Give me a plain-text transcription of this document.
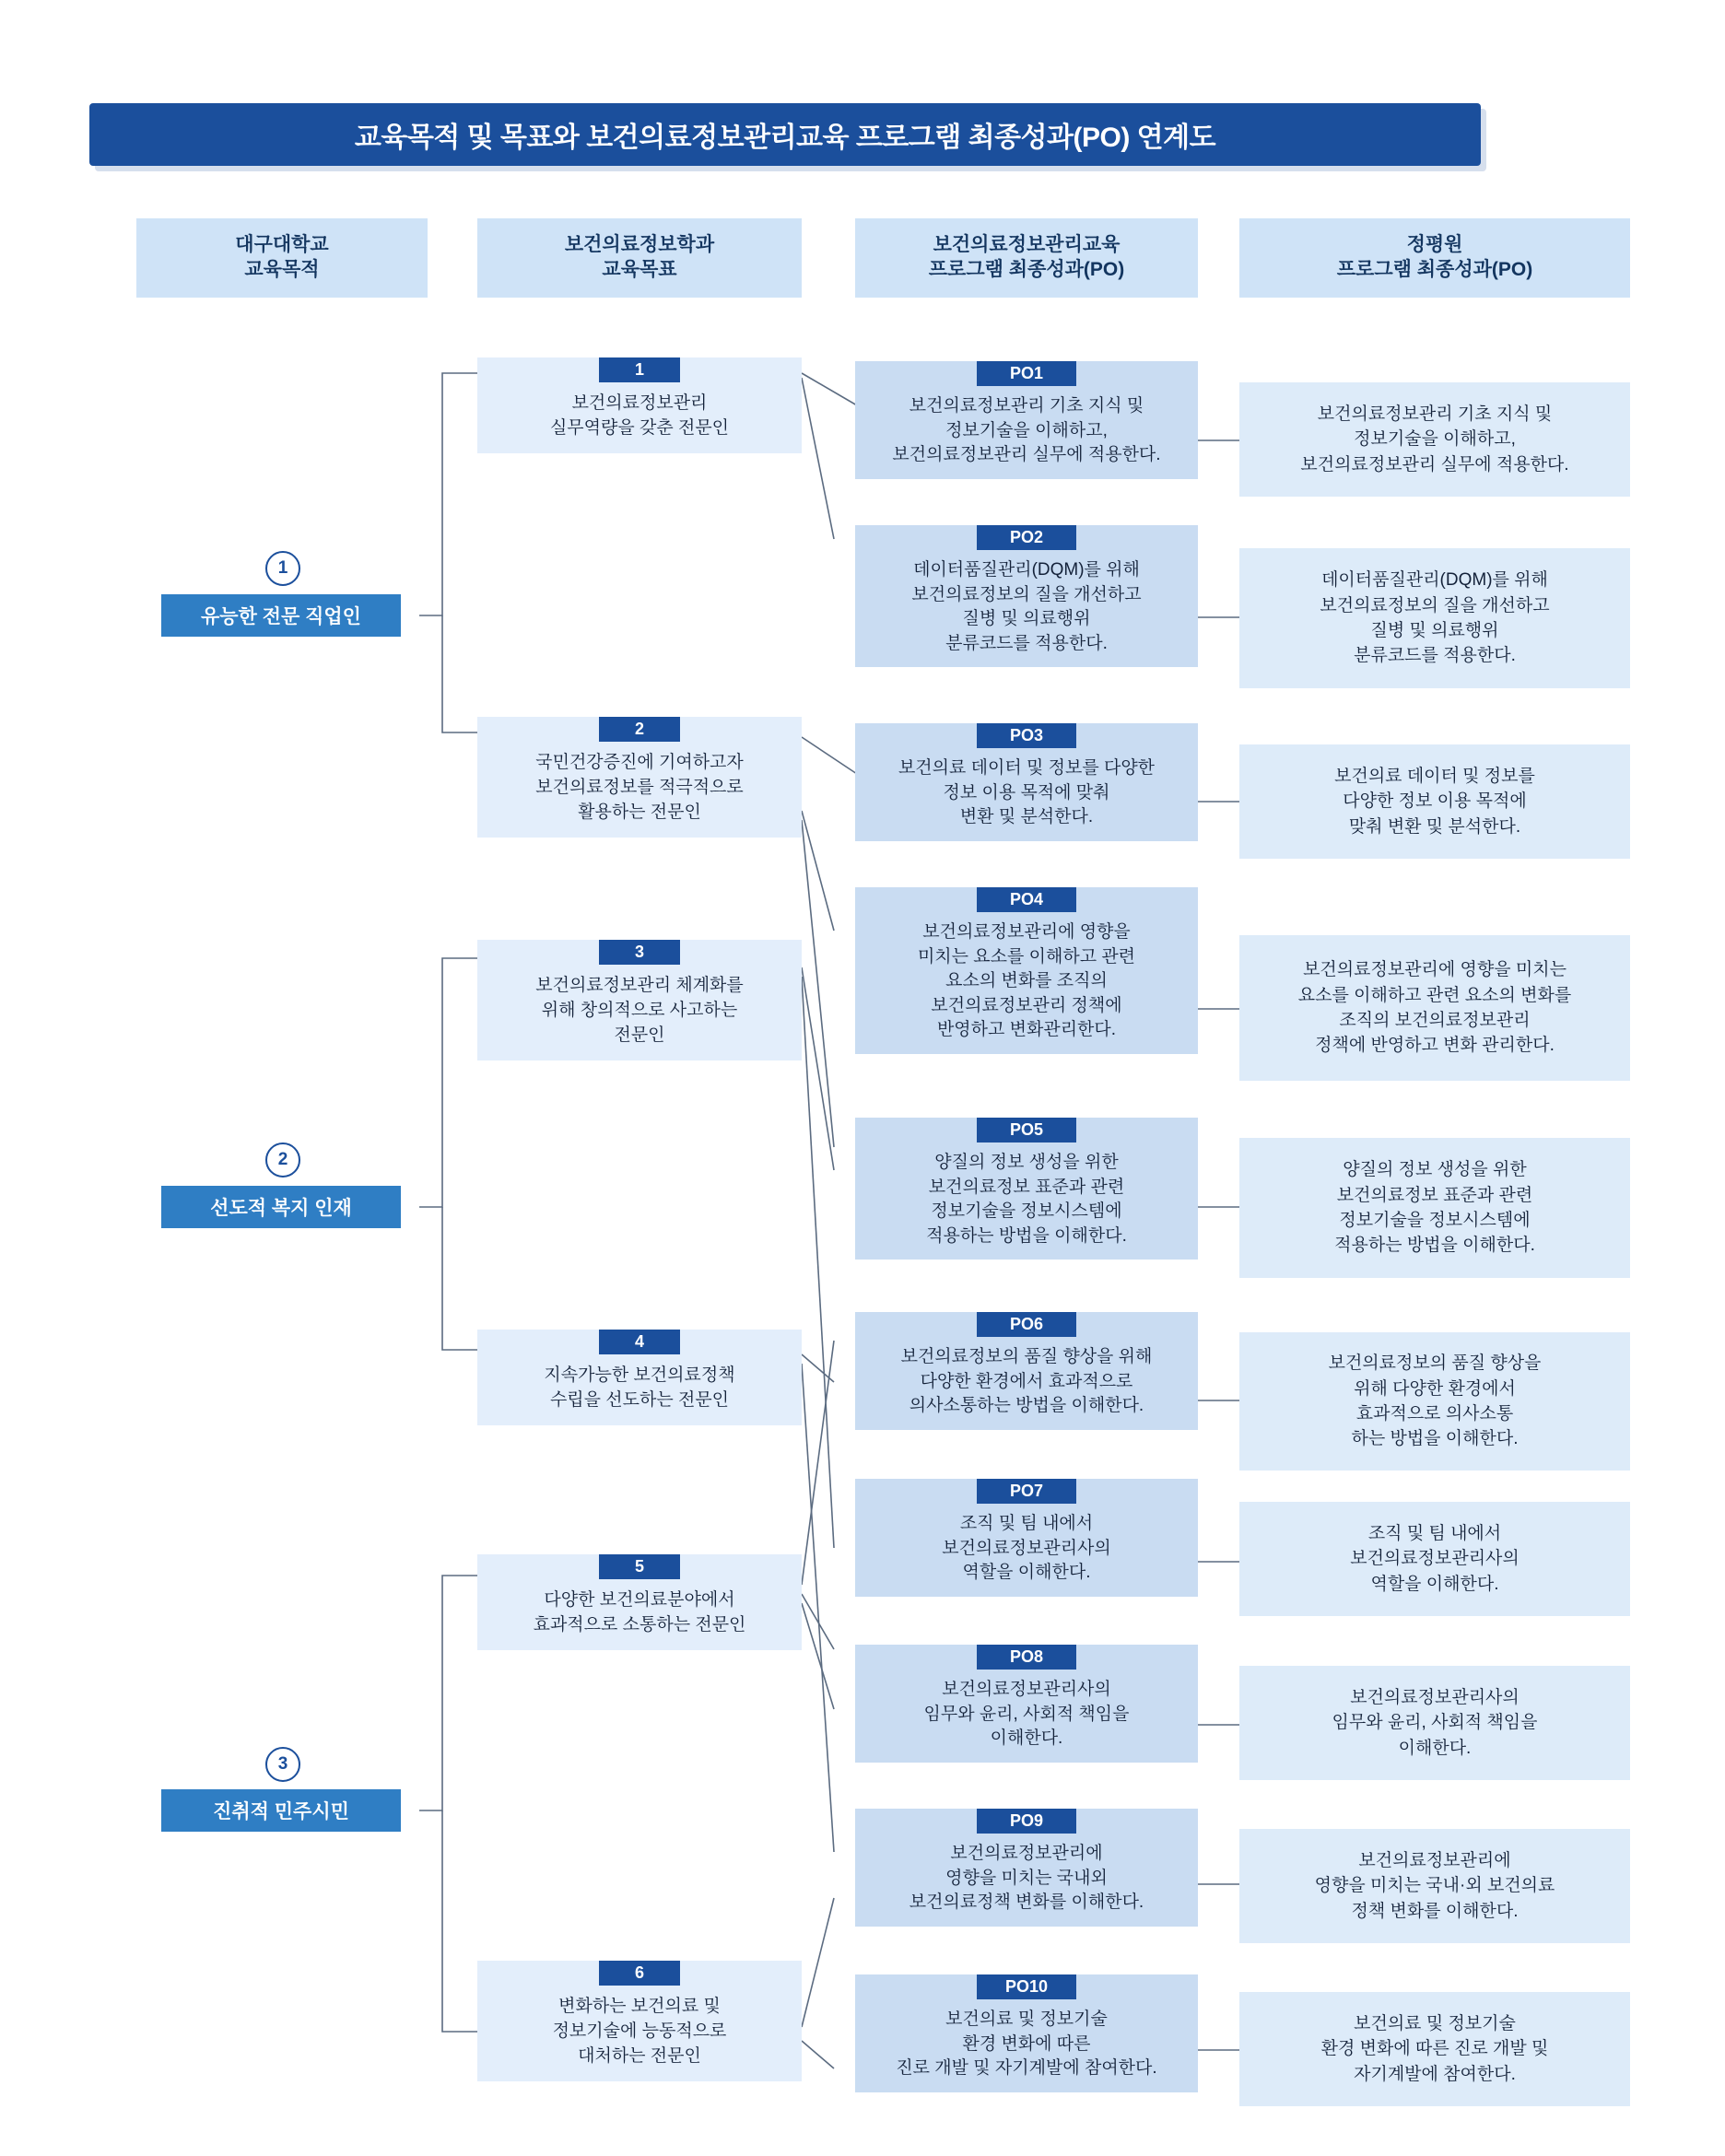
교육목적 및 목표와 보건의료정보관리교육 프로그램 최종성과(PO) 연계도
대구대학교
교육목적
보건의료정보학과
교육목표
보건의료정보관리교육
프로그램 최종성과(PO)
정평원
프로그램 최종성과(PO)
1
유능한 전문 직업인
2
선도적 복지 인재
3
진취적 민주시민
1
보건의료정보관리
실무역량을 갖춘 전문인
2
국민건강증진에 기여하고자
보건의료정보를 적극적으로
활용하는 전문인
3
보건의료정보관리 체계화를
위해 창의적으로 사고하는
전문인
4
지속가능한 보건의료정책
수립을 선도하는 전문인
5
다양한 보건의료분야에서
효과적으로 소통하는 전문인
6
변화하는 보건의료 및
정보기술에 능동적으로
대처하는 전문인
PO1
보건의료정보관리 기초 지식 및
정보기술을 이해하고,
보건의료정보관리 실무에 적용한다.
PO2
데이터품질관리(DQM)를 위해
보건의료정보의 질을 개선하고
질병 및 의료행위
분류코드를 적용한다.
PO3
보건의료 데이터 및 정보를 다양한
정보 이용 목적에 맞춰
변환 및 분석한다.
PO4
보건의료정보관리에 영향을
미치는 요소를 이해하고 관련
요소의 변화를 조직의
보건의료정보관리 정책에
반영하고 변화관리한다.
PO5
양질의 정보 생성을 위한
보건의료정보 표준과 관련
정보기술을 정보시스템에
적용하는 방법을 이해한다.
PO6
보건의료정보의 품질 향상을 위해
다양한 환경에서 효과적으로
의사소통하는 방법을 이해한다.
PO7
조직 및 팀 내에서
보건의료정보관리사의
역할을 이해한다.
PO8
보건의료정보관리사의
임무와 윤리, 사회적 책임을
이해한다.
PO9
보건의료정보관리에
영향을 미치는 국내외
보건의료정책 변화를 이해한다.
PO10
보건의료 및 정보기술
환경 변화에 따른
진로 개발 및 자기계발에 참여한다.
보건의료정보관리 기초 지식 및
정보기술을 이해하고,
보건의료정보관리 실무에 적용한다.
데이터품질관리(DQM)를 위해
보건의료정보의 질을 개선하고
질병 및 의료행위
분류코드를 적용한다.
보건의료 데이터 및 정보를
다양한 정보 이용 목적에
맞춰 변환 및 분석한다.
보건의료정보관리에 영향을 미치는
요소를 이해하고 관련 요소의 변화를
조직의 보건의료정보관리
정책에 반영하고 변화 관리한다.
양질의 정보 생성을 위한
보건의료정보 표준과 관련
정보기술을 정보시스템에
적용하는 방법을 이해한다.
보건의료정보의 품질 향상을
위해 다양한 환경에서
효과적으로 의사소통
하는 방법을 이해한다.
조직 및 팀 내에서
보건의료정보관리사의
역할을 이해한다.
보건의료정보관리사의
임무와 윤리, 사회적 책임을
이해한다.
보건의료정보관리에
영향을 미치는 국내·외 보건의료
정책 변화를 이해한다.
보건의료 및 정보기술
환경 변화에 따른 진로 개발 및
자기계발에 참여한다.
